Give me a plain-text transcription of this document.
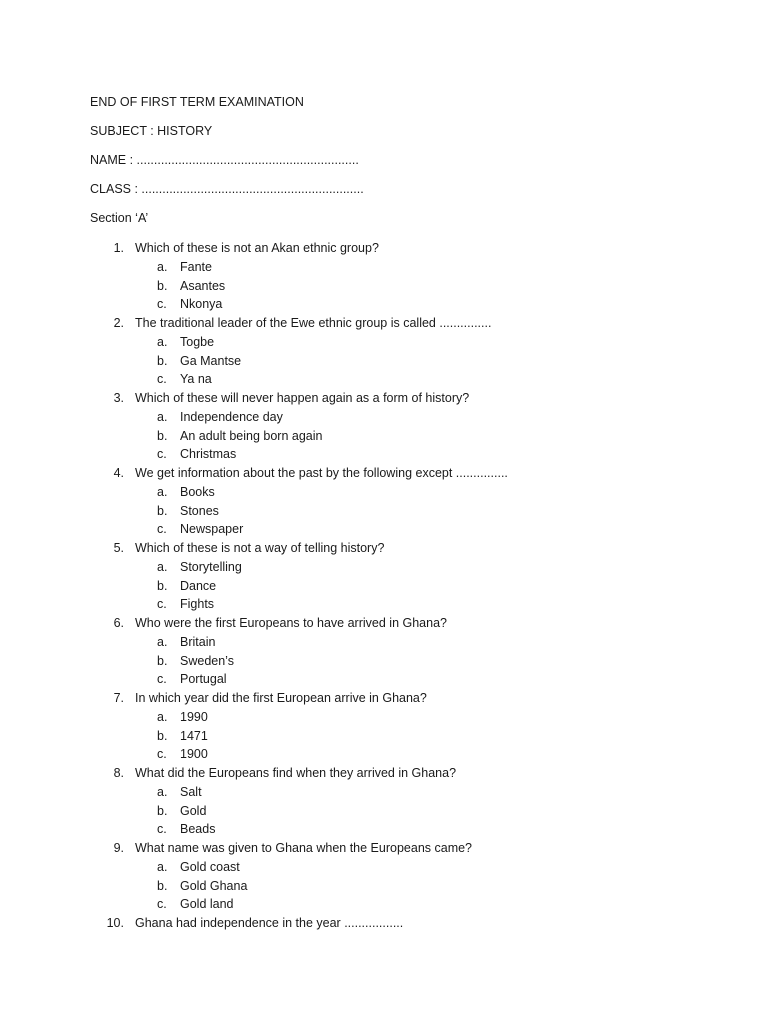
END OF FIRST TERM EXAMINATION
SUBJECT : HISTORY
NAME : ................................................................
CLASS : ................................................................
Section ‘A’
1. Which of these is not an Akan ethnic group?
a. Fante
b. Asantes
c. Nkonya
2. The traditional leader of the Ewe ethnic group is called ...............
a. Togbe
b. Ga Mantse
c. Ya na
3. Which of these will never happen again as a form of history?
a. Independence day
b. An adult being born again
c. Christmas
4. We get information about the past by the following except ...............
a. Books
b. Stones
c. Newspaper
5. Which of these is not a way of telling history?
a. Storytelling
b. Dance
c. Fights
6. Who were the first Europeans to have arrived in Ghana?
a. Britain
b. Sweden’s
c. Portugal
7. In which year did the first European arrive in Ghana?
a. 1990
b. 1471
c. 1900
8. What did the Europeans find when they arrived in Ghana?
a. Salt
b. Gold
c. Beads
9. What name was given to Ghana when the Europeans came?
a. Gold coast
b. Gold Ghana
c. Gold land
10. Ghana had independence in the year .................
